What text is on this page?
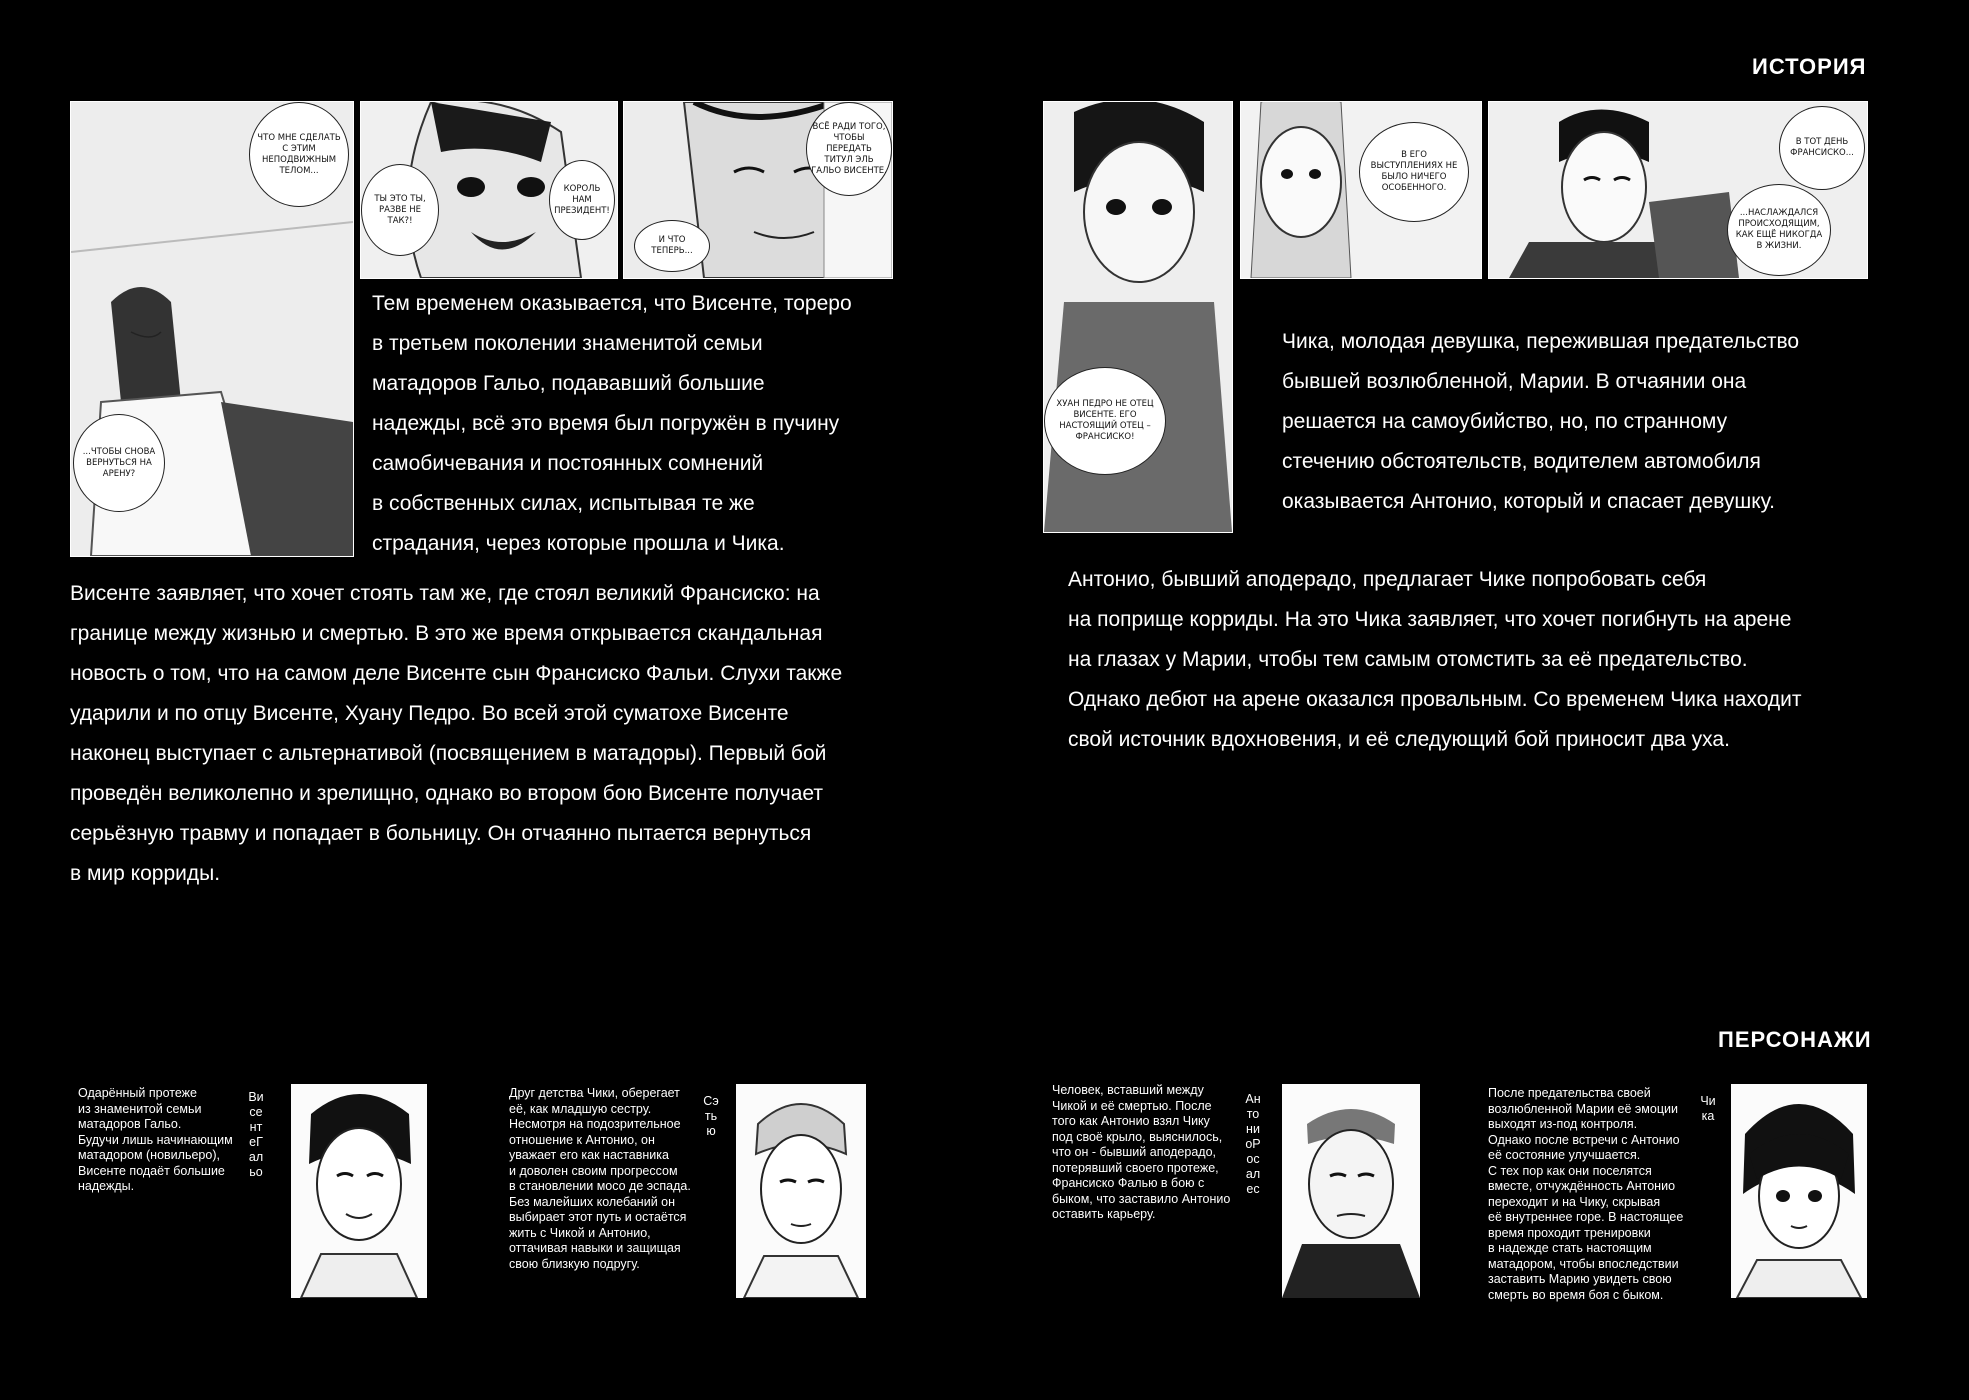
ИСТОРИЯ
ПЕРСОНАЖИ
ЧТО МНЕ СДЕЛАТЬ С ЭТИМ НЕПОДВИЖНЫМ ТЕЛОМ...
...ЧТОБЫ СНОВА ВЕРНУТЬСЯ НА АРЕНУ?
ТЫ ЭТО ТЫ, РАЗВЕ НЕ ТАК?!
КОРОЛЬ НАМ ПРЕЗИДЕНТ!
ВСЁ РАДИ ТОГО, ЧТОБЫ ПЕРЕДАТЬ ТИТУЛ ЭЛЬ ГАЛЬО ВИСЕНТЕ.
И ЧТО ТЕПЕРЬ...
Тем временем оказывается, что Висенте, тореро
в третьем поколении знаменитой семьи
матадоров Гальо, подававший большие
надежды, всё это время был погружён в пучину
самобичевания и постоянных сомнений
в собственных силах, испытывая те же
страдания, через которые прошла и Чика.
Висенте заявляет, что хочет стоять там же, где стоял великий Франсиско: на
границе между жизнью и смертью. В это же время открывается скандальная
новость о том, что на самом деле Висенте сын Франсиско Фальи. Слухи также
ударили и по отцу Висенте, Хуану Педро. Во всей этой суматохе Висенте
наконец выступает с альтернативой (посвящением в матадоры). Первый бой
проведён великолепно и зрелищно, однако во втором бою Висенте получает
серьёзную травму и попадает в больницу. Он отчаянно пытается вернуться
в мир корриды.
ХУАН ПЕДРО НЕ ОТЕЦ ВИСЕНТЕ. ЕГО НАСТОЯЩИЙ ОТЕЦ – ФРАНСИСКО!
В ЕГО ВЫСТУПЛЕНИЯХ НЕ БЫЛО НИЧЕГО ОСОБЕННОГО.
В ТОТ ДЕНЬ ФРАНСИСКО...
...НАСЛАЖДАЛСЯ ПРОИСХОДЯЩИМ, КАК ЕЩЁ НИКОГДА В ЖИЗНИ.
Чика, молодая девушка, пережившая предательство
бывшей возлюбленной, Марии. В отчаянии она
решается на самоубийство, но, по странному
стечению обстоятельств, водителем автомобиля
оказывается Антонио, который и спасает девушку.
Антонио, бывший аподерадо, предлагает Чике попробовать себя
на поприще корриды. На это Чика заявляет, что хочет погибнуть на арене
на глазах у Марии, чтобы тем самым отомстить за её предательство.
Однако дебют на арене оказался провальным. Со временем Чика находит
свой источник вдохновения, и её следующий бой приносит два уха.
Одарённый протеже
из знаменитой семьи
матадоров Гальо.
Будучи лишь начинающим
матадором (новильеро),
Висенте подаёт большие
надежды.
ВисентеГальо
Друг детства Чики, оберегает
её, как младшую сестру.
Несмотря на подозрительное
отношение к Антонио, он
уважает его как наставника
и доволен своим прогрессом
в становлении мосо де эспада.
Без малейших колебаний он
выбирает этот путь и остаётся
жить с Чикой и Антонио,
оттачивая навыки и защищая
свою близкую подругу.
Сэтью
Человек, вставший между
Чикой и её смертью. После
того как Антонио взял Чику
под своё крыло, выяснилось,
что он - бывший аподерадо,
потерявший своего протеже,
Франсиско Фалью в бою с
быком, что заставило Антонио
оставить карьеру.
АнтониоРосалес
После предательства своей
возлюбленной Марии её эмоции
выходят из-под контроля.
Однако после встречи с Антонио
её состояние улучшается.
С тех пор как они поселятся
вместе, отчуждённость Антонио
переходит и на Чику, скрывая
её внутреннее горе. В настоящее
время проходит тренировки
в надежде стать настоящим
матадором, чтобы впоследствии
заставить Марию увидеть свою
смерть во время боя с быком.
Чика
